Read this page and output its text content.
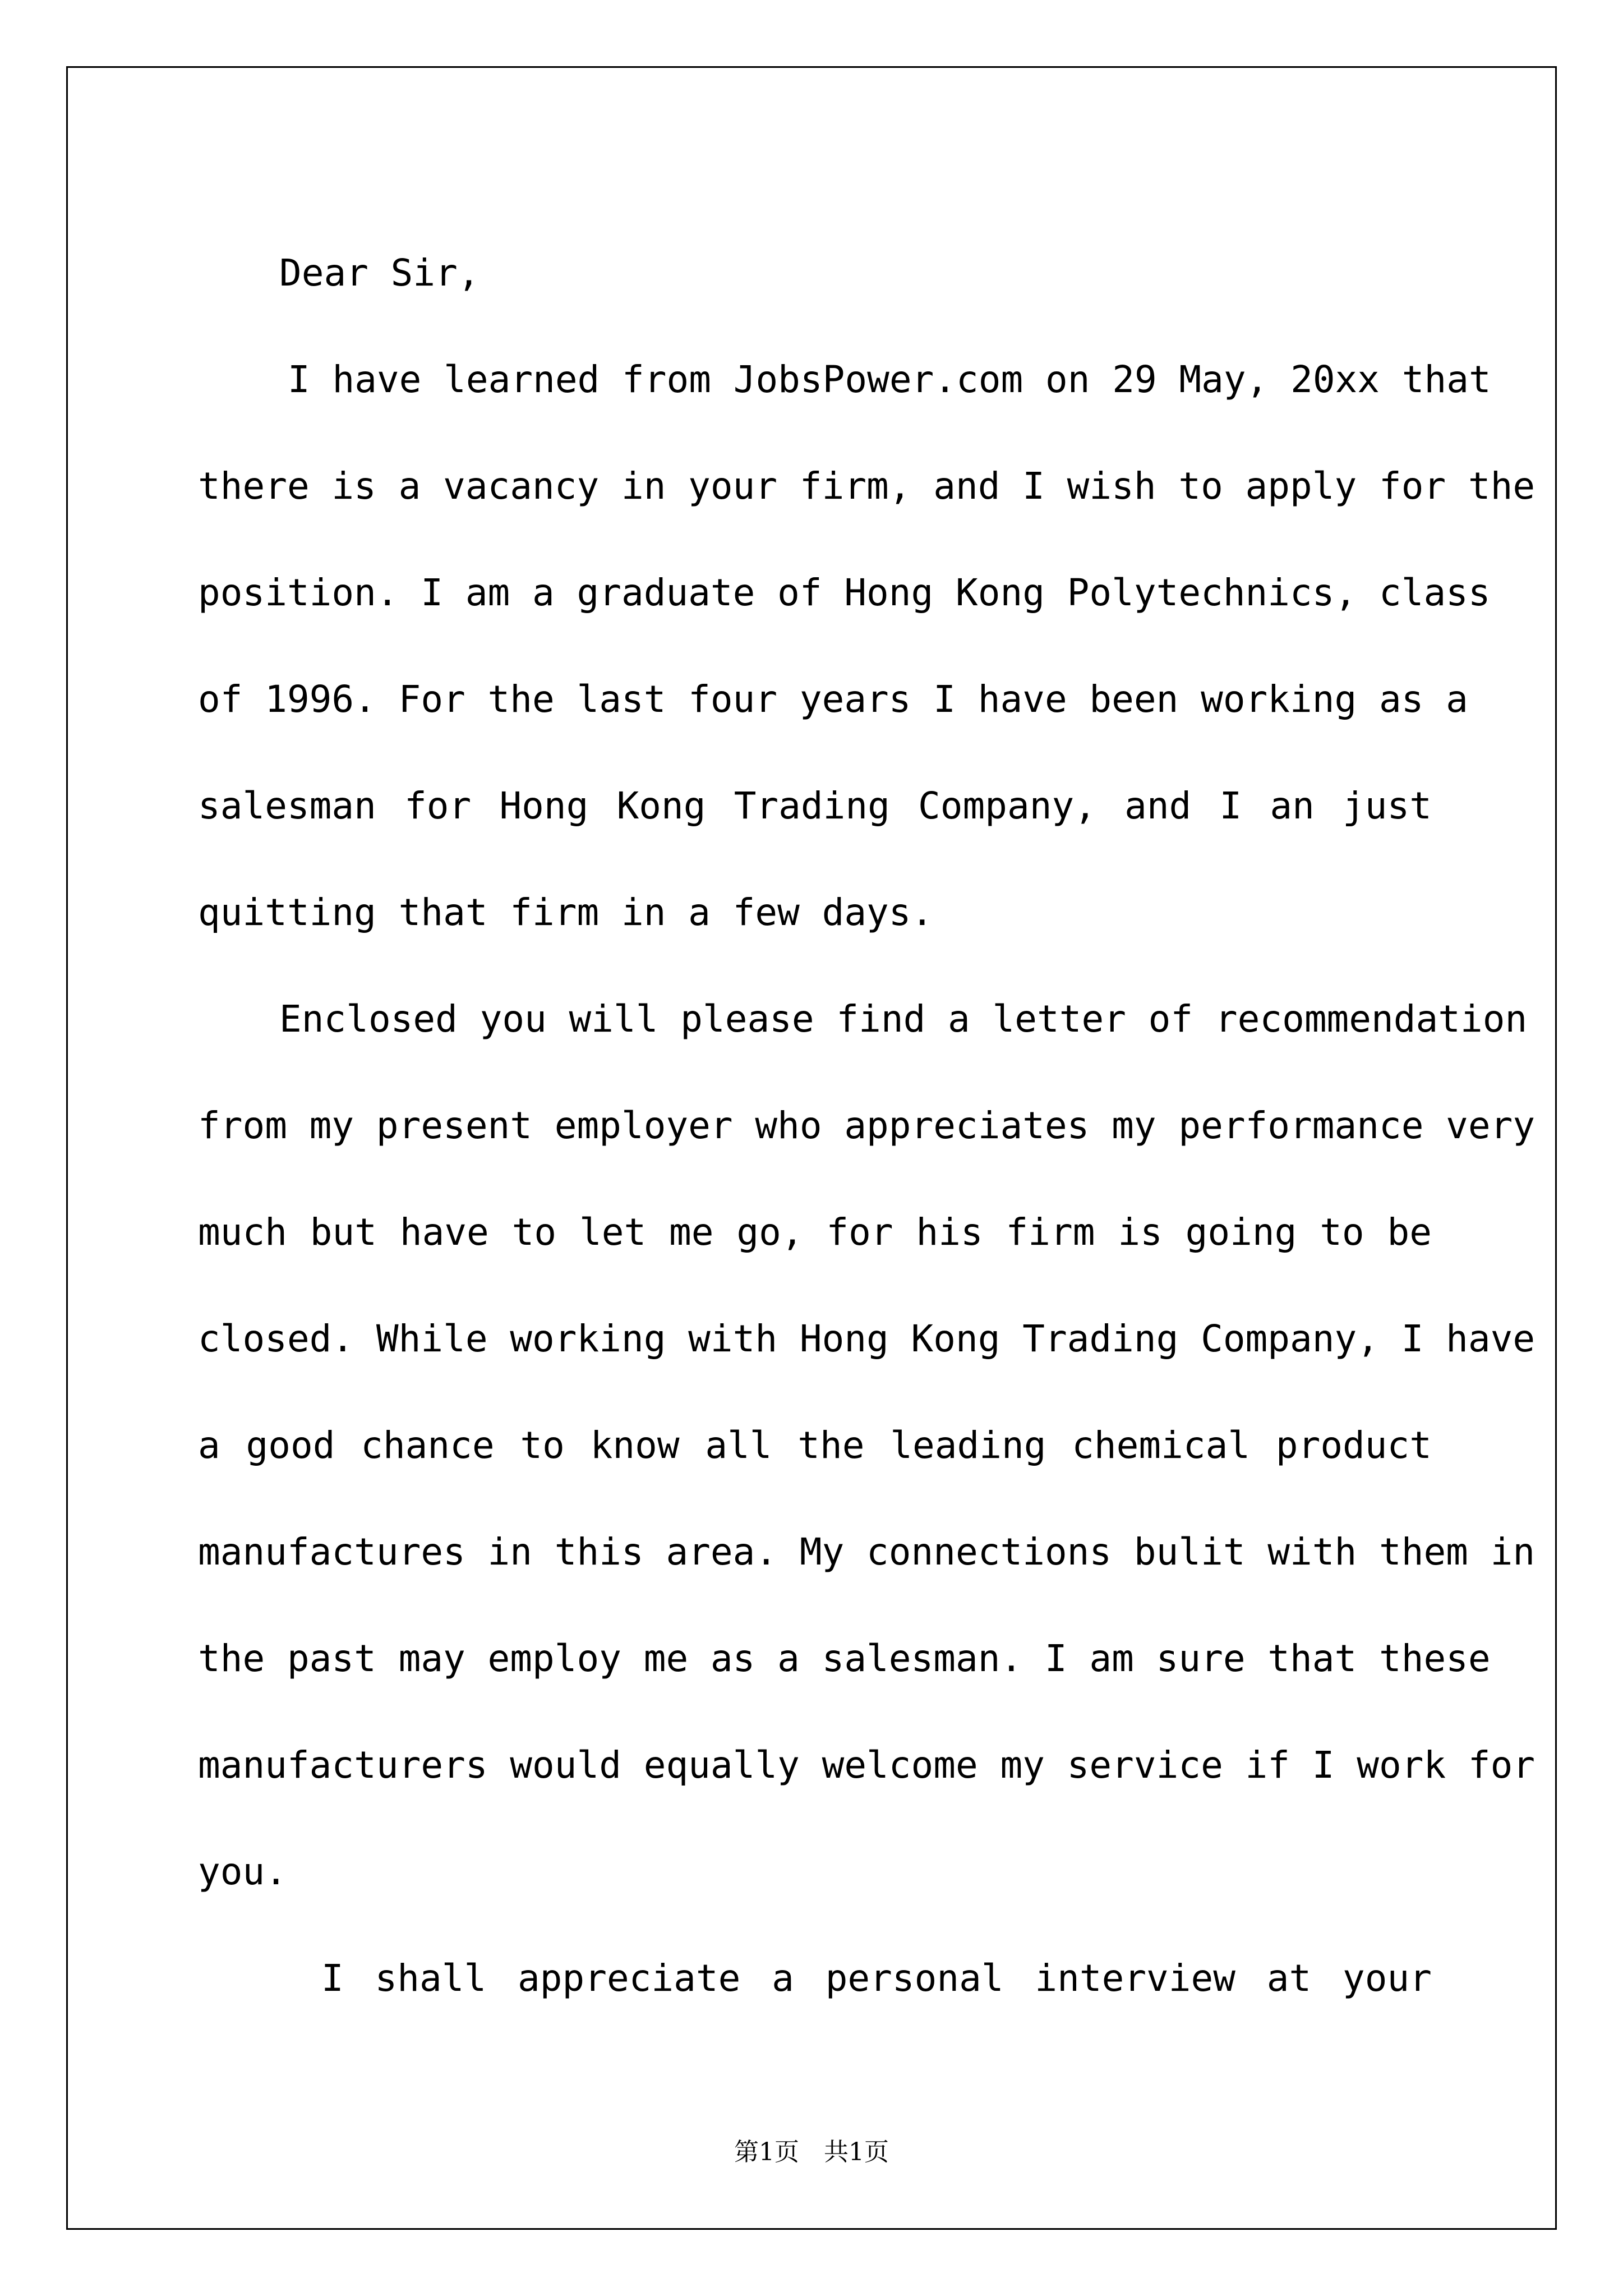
Dear Sir,
I have learned from JobsPower.com on 29 May, 20xx that
there is a vacancy in your firm, and I wish to apply for the
position. I am a graduate of Hong Kong Polytechnics, class
of 1996. For the last four years I have been working as a
salesman for Hong Kong Trading Company, and I an just
quitting that firm in a few days.
Enclosed you will please find a letter of recommendation
from my present employer who appreciates my performance very
much but have to let me go, for his firm is going to be
closed. While working with Hong Kong Trading Company, I have
a good chance to know all the leading chemical product
manufactures in this area. My connections bulit with them in
the past may employ me as a salesman. I am sure that these
manufacturers would equally welcome my service if I work for
you.
I shall appreciate a personal interview at your
第1页　共1页
